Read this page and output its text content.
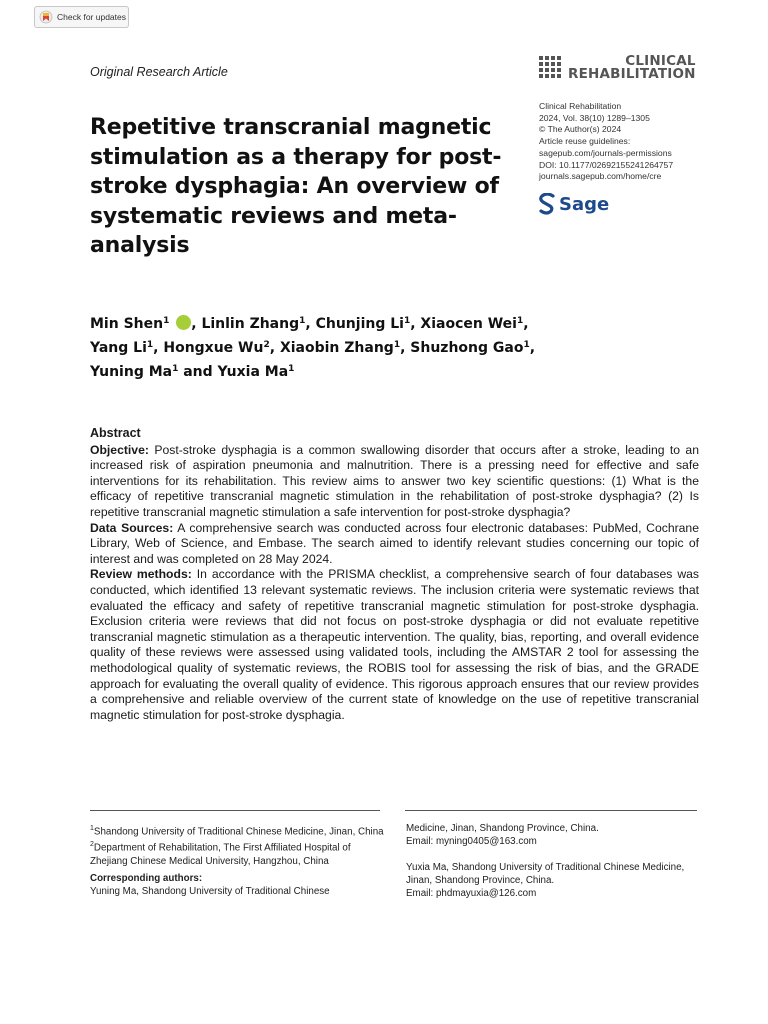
Check for updates
Original Research Article
CLINICAL
REHABILITATION
Clinical Rehabilitation
2024, Vol. 38(10) 1289–1305
© The Author(s) 2024
Article reuse guidelines:
sagepub.com/journals-permissions
DOI: 10.1177/02692155241264757
journals.sagepub.com/home/cre
Sage
Repetitive transcranial magnetic stimulation as a therapy for post-stroke dysphagia: An overview of systematic reviews and meta-analysis
Min Shen$^1$ , Linlin Zhang$^1$, Chunjing Li$^1$, Xiaocen Wei$^1$,
Yang Li$^1$, Hongxue Wu$^2$, Xiaobin Zhang$^1$, Shuzhong Gao$^1$,
Yuning Ma$^1$ and Yuxia Ma$^1$
Abstract

Objective: Post-stroke dysphagia is a common swallowing disorder that occurs after a stroke, leading to an increased risk of aspiration pneumonia and malnutrition. There is a pressing need for effective and safe interventions for its rehabilitation. This review aims to answer two key scientific questions: (1) What is the efficacy of repetitive transcranial magnetic stimulation in the rehabilitation of post-stroke dysphagia? (2) Is repetitive transcranial magnetic stimulation a safe intervention for post-stroke dysphagia?

Data Sources: A comprehensive search was conducted across four electronic databases: PubMed, Cochrane Library, Web of Science, and Embase. The search aimed to identify relevant studies concerning our topic of interest and was completed on 28 May 2024.

Review methods: In accordance with the PRISMA checklist, a comprehensive search of four databases was conducted, which identified 13 relevant systematic reviews. The inclusion criteria were systematic reviews that evaluated the efficacy and safety of repetitive transcranial magnetic stimulation for post-stroke dysphagia. Exclusion criteria were reviews that did not focus on post-stroke dysphagia or did not evaluate repetitive transcranial magnetic stimulation as a therapeutic intervention. The quality, bias, reporting, and overall evidence quality of these reviews were assessed using validated tools, including the AMSTAR 2 tool for assessing the methodological quality of systematic reviews, the ROBIS tool for assessing the risk of bias, and the GRADE approach for evaluating the overall quality of evidence. This rigorous approach ensures that our review provides a comprehensive and reliable overview of the current state of knowledge on the use of repetitive transcranial magnetic stimulation for post-stroke dysphagia.

$^1$Shandong University of Traditional Chinese Medicine, Jinan, China
$^2$Department of Rehabilitation, The First Affiliated Hospital of Zhejiang Chinese Medical University, Hangzhou, China
Corresponding authors:
Yuning Ma, Shandong University of Traditional Chinese
Medicine, Jinan, Shandong Province, China.
Email: myning0405@163.com
Yuxia Ma, Shandong University of Traditional Chinese Medicine, Jinan, Shandong Province, China.
Email: phdmayuxia@126.com
